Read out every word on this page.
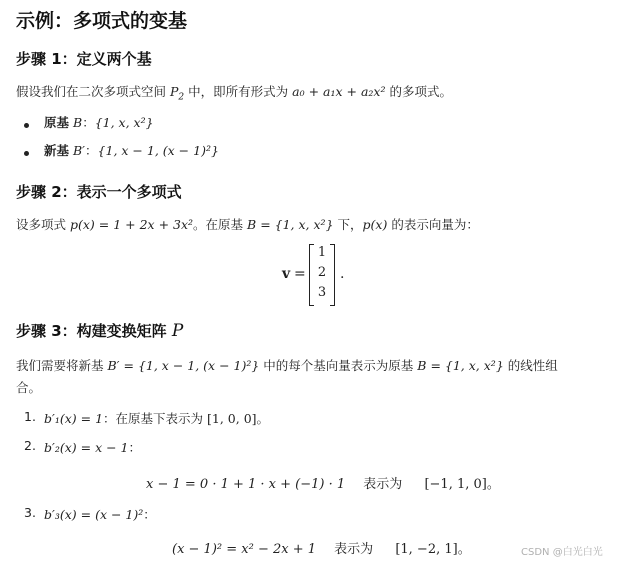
示例：多项式的变基
步骤 1：定义两个基
假设我们在二次多项式空间 $P_2$ 中，即所有形式为 a₀ + a₁x + a₂x² 的多项式。
原基 B：{1, x, x²}
新基 B′：{1, x − 1, (x − 1)²}
步骤 2：表示一个多项式
设多项式 p(x) = 1 + 2x + 3x²。在原基 B = {1, x, x²} 下，p(x) 的表示向量为：
v =
1
2
3
.
步骤 3：构建变换矩阵 P
我们需要将新基 B′ = {1, x − 1, (x − 1)²} 中的每个基向量表示为原基 B = {1, x, x²} 的线性组
合。
1. b′₁(x) = 1：在原基下表示为 [1, 0, 0]。
2. b′₂(x) = x − 1：
x − 1 = 0 · 1 + 1 · x + (−1) · 1 表示为 [−1, 1, 0]。
3. b′₃(x) = (x − 1)²：
(x − 1)² = x² − 2x + 1 表示为 [1, −2, 1]。	CSDN @白光白光
